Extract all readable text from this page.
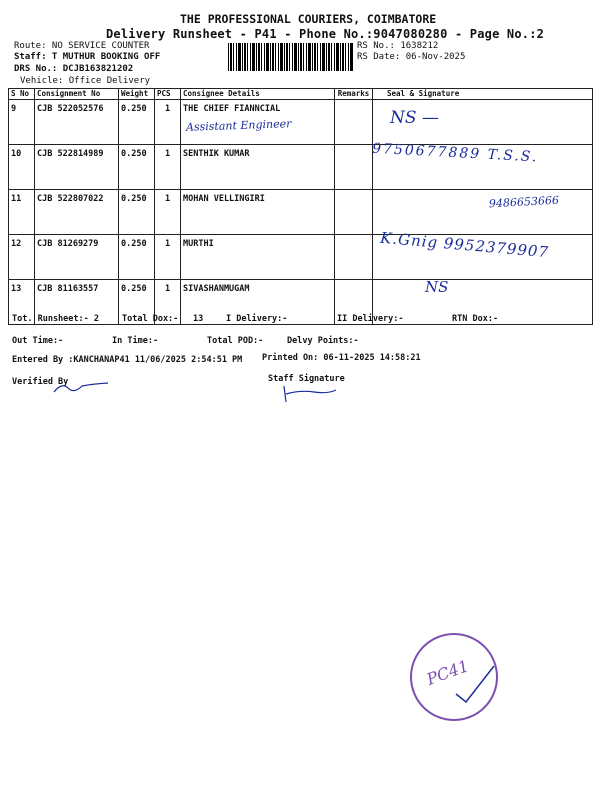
THE PROFESSIONAL COURIERS, COIMBATORE
Delivery Runsheet - P41 - Phone No.:9047080280 - Page No.:2
Route: NO SERVICE COUNTER
Staff: T MUTHUR BOOKING OFF
DRS No.: DCJB163821202
Vehicle: Office Delivery
RS No.: 1638212
RS Date: 06-Nov-2025
S No	Consignment No	Weight	PCS	Consignee Details	Remarks	Seal & Signature
9	CJB 522052576	0.250	1	THE CHIEF FIANNCIAL		
10	CJB 522814989	0.250	1	SENTHIK KUMAR		
11	CJB 522807022	0.250	1	MOHAN VELLINGIRI		
12	CJB 81269279	0.250	1	MURTHI		
13	CJB 81163557	0.250	1	SIVASHANMUGAM		
Assistant Engineer	NS —
9750677889 T.S.S.
9486653666
K.Gnig 9952379907
NS
Tot. Runsheet:- 2	Total Dox:- 13	I Delivery:-	II Delivery:-	RTN Dox:-
Out Time:-	In Time:-	Total POD:-	Delvy Points:-
Entered By :KANCHANAP41 11/06/2025 2:54:51 PM Printed On: 06-11-2025 14:58:21
Verified By	Staff Signature
PC41
